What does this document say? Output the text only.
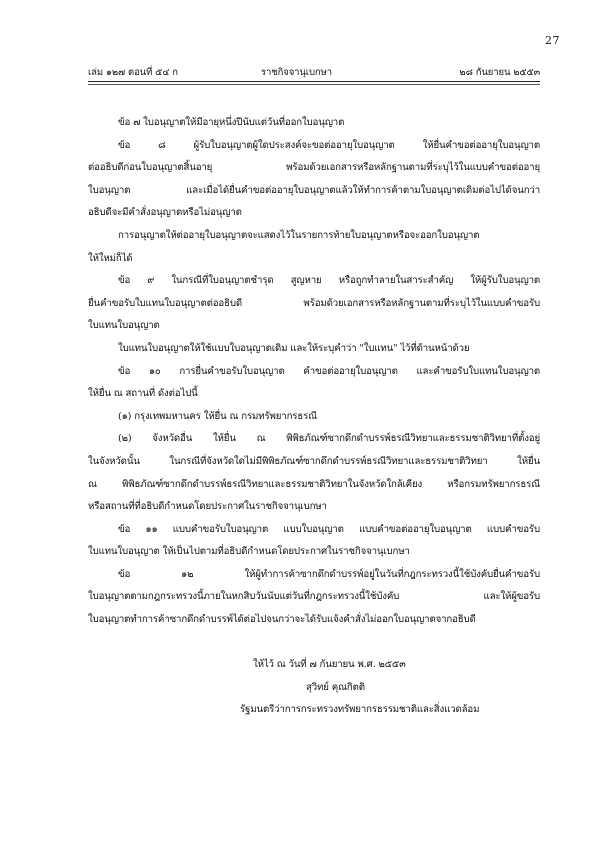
27
เล่ม ๑๒๗ ตอนที่ ๕๔ ก	ราชกิจจานุเบกษา	๒๘ กันยายน ๒๕๕๓

ข้อ ๗ ใบอนุญาตให้มีอายุหนึ่งปีนับแต่วันที่ออกใบอนุญาต

ข้อ ๘ ผู้รับใบอนุญาตผู้ใดประสงค์จะขอต่ออายุใบอนุญาต ให้ยื่นคำขอต่ออายุใบอนุญาต

ต่ออธิบดีก่อนใบอนุญาตสิ้นอายุ พร้อมด้วยเอกสารหรือหลักฐานตามที่ระบุไว้ในแบบคำขอต่ออายุ

ใบอนุญาต และเมื่อได้ยื่นคำขอต่ออายุใบอนุญาตแล้วให้ทำการค้าตามใบอนุญาตเดิมต่อไปได้จนกว่า

อธิบดีจะมีคำสั่งอนุญาตหรือไม่อนุญาต

การอนุญาตให้ต่ออายุใบอนุญาตจะแสดงไว้ในรายการท้ายใบอนุญาตหรือจะออกใบอนุญาต

ให้ใหม่ก็ได้

ข้อ ๙ ในกรณีที่ใบอนุญาตชำรุด สูญหาย หรือถูกทำลายในสาระสำคัญ ให้ผู้รับใบอนุญาต

ยื่นคำขอรับใบแทนใบอนุญาตต่ออธิบดี พร้อมด้วยเอกสารหรือหลักฐานตามที่ระบุไว้ในแบบคำขอรับ

ใบแทนใบอนุญาต

ใบแทนใบอนุญาตให้ใช้แบบใบอนุญาตเดิม และให้ระบุคำว่า "ใบแทน" ไว้ที่ด้านหน้าด้วย

ข้อ ๑๐ การยื่นคำขอรับใบอนุญาต คำขอต่ออายุใบอนุญาต และคำขอรับใบแทนใบอนุญาต

ให้ยื่น ณ สถานที่ ดังต่อไปนี้

(๑) กรุงเทพมหานคร ให้ยื่น ณ กรมทรัพยากรธรณี

(๒) จังหวัดอื่น ให้ยื่น ณ พิพิธภัณฑ์ซากดึกดำบรรพ์ธรณีวิทยาและธรรมชาติวิทยาที่ตั้งอยู่

ในจังหวัดนั้น ในกรณีที่จังหวัดใดไม่มีพิพิธภัณฑ์ซากดึกดำบรรพ์ธรณีวิทยาและธรรมชาติวิทยา ให้ยื่น

ณ พิพิธภัณฑ์ซากดึกดำบรรพ์ธรณีวิทยาและธรรมชาติวิทยาในจังหวัดใกล้เคียง หรือกรมทรัพยากรธรณี

หรือสถานที่ที่อธิบดีกำหนดโดยประกาศในราชกิจจานุเบกษา

ข้อ ๑๑ แบบคำขอรับใบอนุญาต แบบใบอนุญาต แบบคำขอต่ออายุใบอนุญาต แบบคำขอรับ

ใบแทนใบอนุญาต ให้เป็นไปตามที่อธิบดีกำหนดโดยประกาศในราชกิจจานุเบกษา

ข้อ ๑๒ ให้ผู้ทำการค้าซากดึกดำบรรพ์อยู่ในวันที่กฎกระทรวงนี้ใช้บังคับยื่นคำขอรับ

ใบอนุญาตตามกฎกระทรวงนี้ภายในหกสิบวันนับแต่วันที่กฎกระทรวงนี้ใช้บังคับ และให้ผู้ขอรับ

ใบอนุญาตทำการค้าซากดึกดำบรรพ์ได้ต่อไปจนกว่าจะได้รับแจ้งคำสั่งไม่ออกใบอนุญาตจากอธิบดี

ให้ไว้ ณ วันที่ ๗ กันยายน พ.ศ. ๒๕๕๓
สุวิทย์ คุณกิตติ
รัฐมนตรีว่าการกระทรวงทรัพยากรธรรมชาติและสิ่งแวดล้อม
